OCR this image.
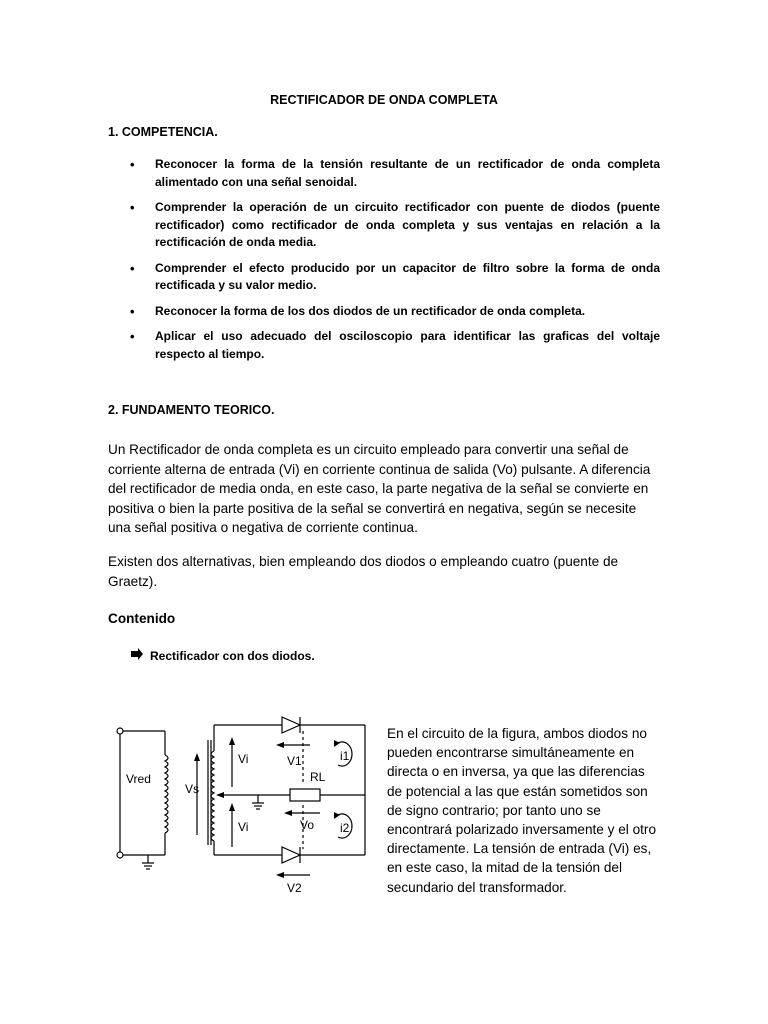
RECTIFICADOR DE ONDA COMPLETA
1. COMPETENCIA.
• Reconocer la forma de la tensión resultante de un rectificador de onda completa alimentado con una señal senoidal.
• Comprender la operación de un circuito rectificador con puente de diodos (puente rectificador) como rectificador de onda completa y sus ventajas en relación a la rectificación de onda media.
• Comprender el efecto producido por un capacitor de filtro sobre la forma de onda rectificada y su valor medio.
• Reconocer la forma de los dos diodos de un rectificador de onda completa.
• Aplicar el uso adecuado del osciloscopio para identificar las graficas del voltaje respecto al tiempo.
2. FUNDAMENTO TEORICO.
Un Rectificador de onda completa es un circuito empleado para convertir una señal de corriente alterna de entrada (Vi) en corriente continua de salida (Vo) pulsante. A diferencia del rectificador de media onda, en este caso, la parte negativa de la señal se convierte en positiva o bien la parte positiva de la señal se convertirá en negativa, según se necesite una señal positiva o negativa de corriente continua.
Existen dos alternativas, bien empleando dos diodos o empleando cuatro (puente de Graetz).
Contenido
Rectificador con dos diodos.
Vred
Vs
Vi
Vi
V1
RL
Vo
i1
i2
V2
En el circuito de la figura, ambos diodos no pueden encontrarse simultáneamente en directa o en inversa, ya que las diferencias de potencial a las que están sometidos son de signo contrario; por tanto uno se encontrará polarizado inversamente y el otro directamente. La tensión de entrada (Vi) es, en este caso, la mitad de la tensión del secundario del transformador.
